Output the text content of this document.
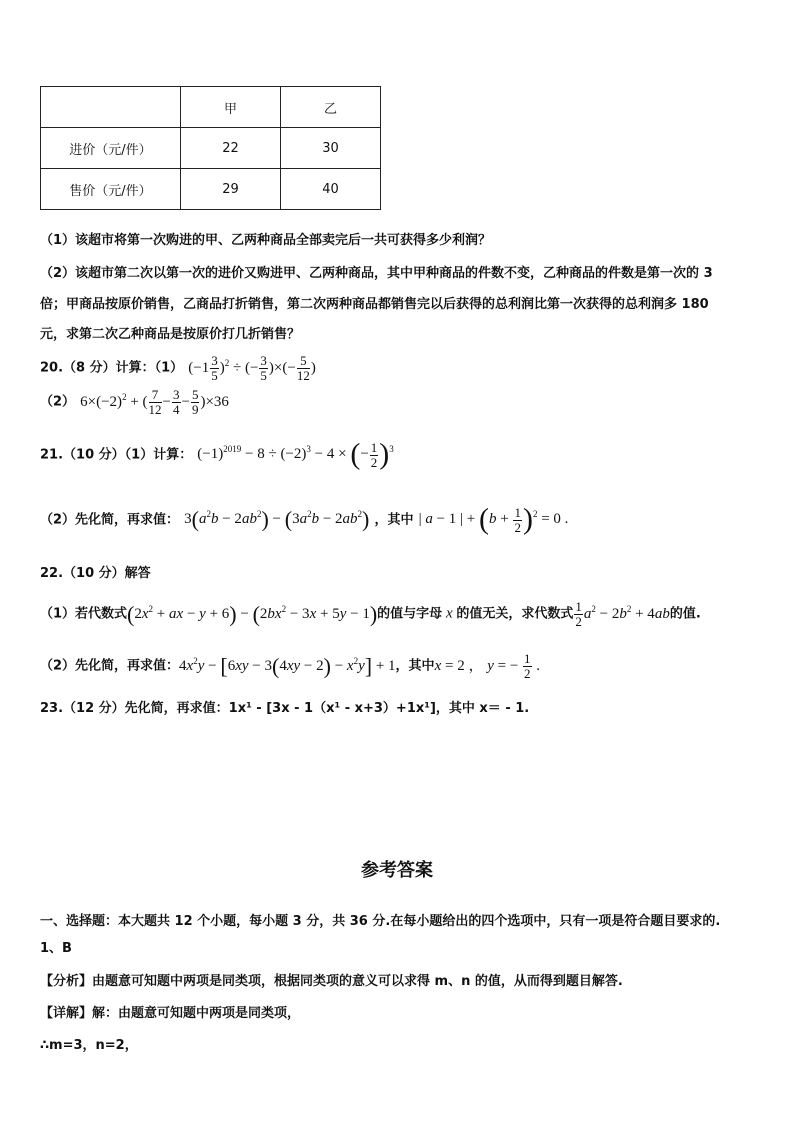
	甲	乙
进价（元/件）	22	30
售价（元/件）	29	40
（1）该超市将第一次购进的甲、乙两种商品全部卖完后一共可获得多少利润？
（2）该超市第二次以第一次的进价又购进甲、乙两种商品，其中甲种商品的件数不变，乙种商品的件数是第一次的 3
倍；甲商品按原价销售，乙商品打折销售，第二次两种商品都销售完以后获得的总利润比第一次获得的总利润多 180
元，求第二次乙种商品是按原价打几折销售？
20.（8 分）计算：（1） $(-1 \frac{3}{5} )^2$ ÷ (− $\frac{3}{5}$ )×(− $\frac{5}{12}$ )
（2） $6\times(-2)^2$ + ( $\frac{7}{12} - \frac{3}{4} - \frac{5}{9} )\times 36$
21.（10 分）（1）计算： $(-1)^{2019} - 8 \div (-2)^3 - 4$ × (− $\frac{1}{2} )^3$
（2）先化简，再求值： $3(a^2b - 2ab^2) - (3a^2b - 2ab^2)$ ，其中 | a − 1 | + $(b + \frac{1}{2} )^2 = 0$ .
22.（10 分）解答
（1）若代数式($2x^2$ + ax − $y + 6) - (2bx^2 - 3x + 5y - 1)$的值与字母 x 的值无关，求代数式 $\frac{1}{2} a^2 - 2b^2 + 4ab$的值.
（2）先化简，再求值：$4x^2y - [6xy - 3(4xy - 2) - x^2y] + 1$，其中x = 2 ， y = − $\frac{1}{2}$ .
23.（12 分）先化简，再求值：1x¹ - [3x - 1（x¹ - x+3）+1x¹]，其中 x＝ - 1.
参考答案
一、选择题：本大题共 12 个小题，每小题 3 分，共 36 分.在每小题给出的四个选项中，只有一项是符合题目要求的.
1、B
【分析】由题意可知题中两项是同类项，根据同类项的意义可以求得 m、n 的值，从而得到题目解答.
【详解】解：由题意可知题中两项是同类项，
∴m=3，n=2，
